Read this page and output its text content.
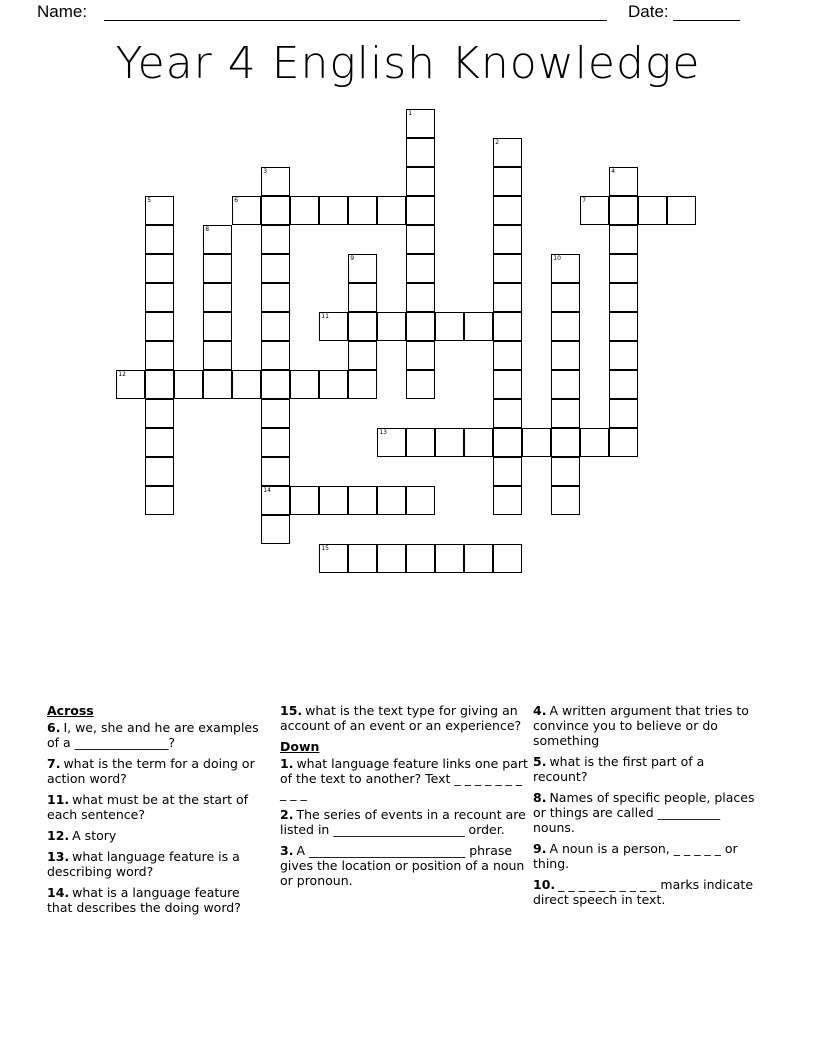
Name:	Date:
Year 4 English Knowledge
1
2
3
14
4
5	6	7
8
9	10
11
12
13
15
Across
6. I, we, she and he are examples of a _______________?
7. what is the term for a doing or action word?
11. what must be at the start of each sentence?
12. A story
13. what language feature is a describing word?
14. what is a language feature that describes the doing word?
15. what is the text type for giving an account of an event or an experience?
Down
1. what language feature links one part of the text to another? Text _ _ _ _ _ _ _ _ _ _
2. The series of events in a recount are listed in _____________________ order.
3. A _________________________ phrase gives the location or position of a noun or pronoun.
4. A written argument that tries to convince you to believe or do something
5. what is the first part of a recount?
8. Names of specific people, places or things are called __________ nouns.
9. A noun is a person, _ _ _ _ _ or thing.
10. _ _ _ _ _ _ _ _ _ _ marks indicate direct speech in text.
